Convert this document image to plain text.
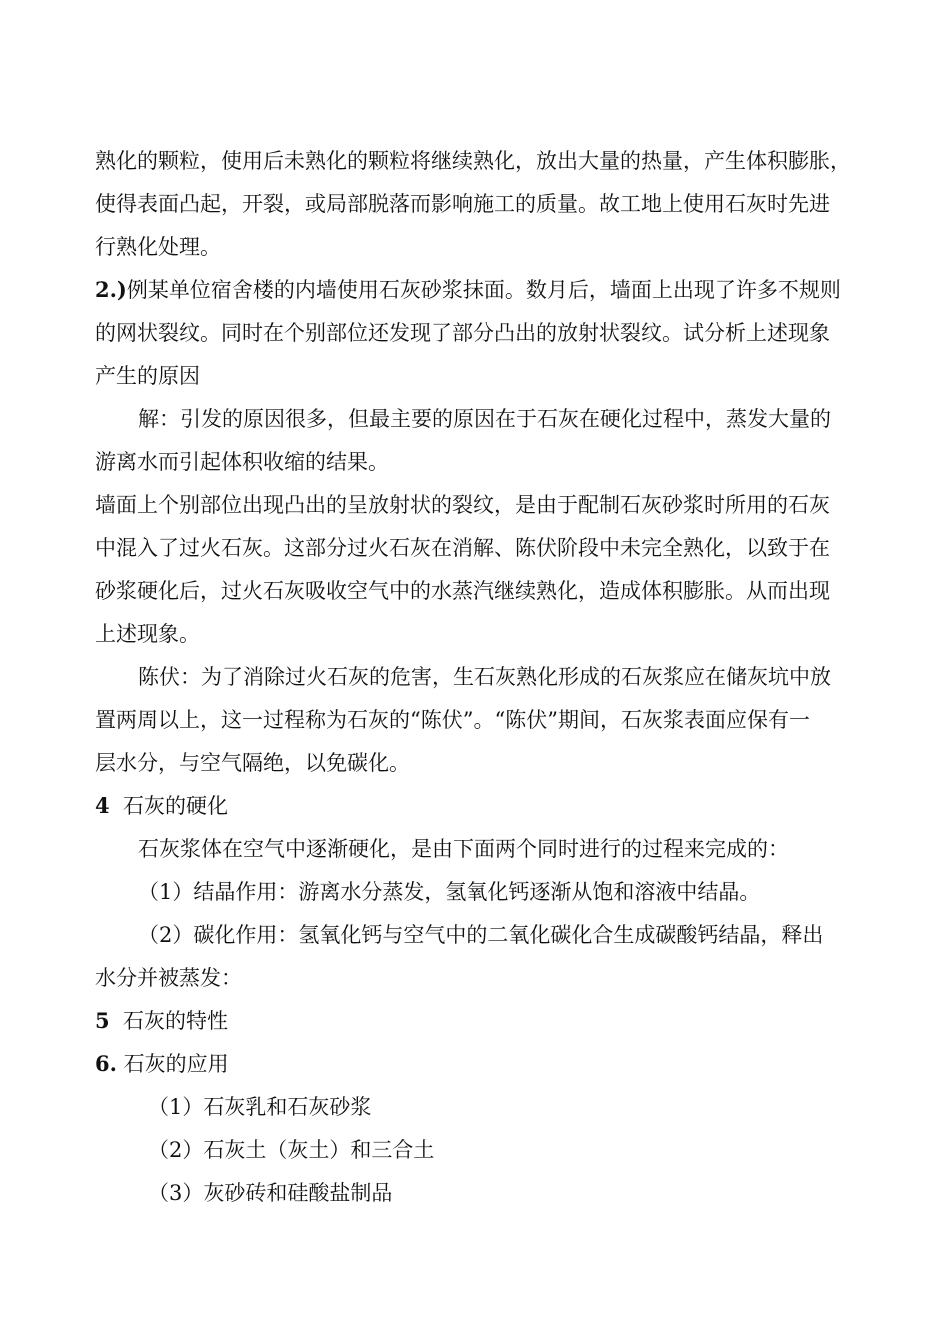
熟化的颗粒，使用后未熟化的颗粒将继续熟化，放出大量的热量，产生体积膨胀，
使得表面凸起，开裂，或局部脱落而影响施工的质量。故工地上使用石灰时先进
行熟化处理。
2.)例某单位宿舍楼的内墙使用石灰砂浆抹面。数月后，墙面上出现了许多不规则
的网状裂纹。同时在个别部位还发现了部分凸出的放射状裂纹。试分析上述现象
产生的原因
解：引发的原因很多，但最主要的原因在于石灰在硬化过程中，蒸发大量的
游离水而引起体积收缩的结果。
墙面上个别部位出现凸出的呈放射状的裂纹，是由于配制石灰砂浆时所用的石灰
中混入了过火石灰。这部分过火石灰在消解、陈伏阶段中未完全熟化，以致于在
砂浆硬化后，过火石灰吸收空气中的水蒸汽继续熟化，造成体积膨胀。从而出现
上述现象。
陈伏：为了消除过火石灰的危害，生石灰熟化形成的石灰浆应在储灰坑中放
置两周以上，这一过程称为石灰的“陈伏”。“陈伏”期间，石灰浆表面应保有一
层水分，与空气隔绝，以免碳化。
4 石灰的硬化
石灰浆体在空气中逐渐硬化，是由下面两个同时进行的过程来完成的：
（1）结晶作用：游离水分蒸发，氢氧化钙逐渐从饱和溶液中结晶。
（2）碳化作用：氢氧化钙与空气中的二氧化碳化合生成碳酸钙结晶，释出
水分并被蒸发：
5 石灰的特性
6. 石灰的应用
（1）石灰乳和石灰砂浆
（2）石灰土（灰土）和三合土
（3）灰砂砖和硅酸盐制品
